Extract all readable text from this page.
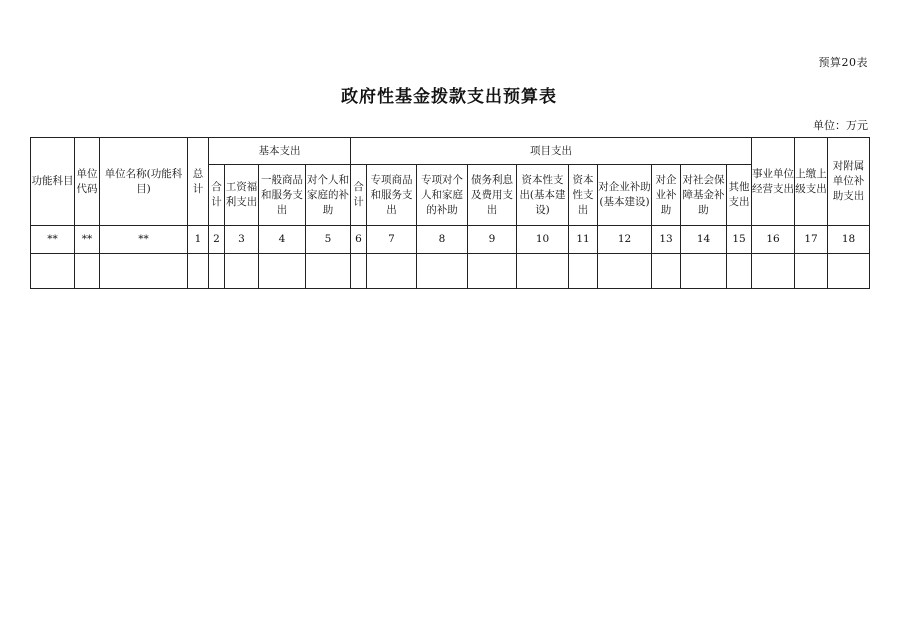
预算20表
政府性基金拨款支出预算表
单位：万元
功能科目	单位代码	单位名称(功能科目)	总计	基本支出				项目支出										事业单位经营支出	上缴上级支出	对附属单位补助支出
				合计	工资福利支出	一般商品和服务支出	对个人和家庭的补助	合计	专项商品和服务支出	专项对个人和家庭的补助	债务利息及费用支出	资本性支出(基本建设)	资本性支出	对企业补助(基本建设)	对企业补助	对社会保障基金补助	其他支出			
**	**	**	1	2	3	4	5	6	7	8	9	10	11	12	13	14	15	16	17	18
